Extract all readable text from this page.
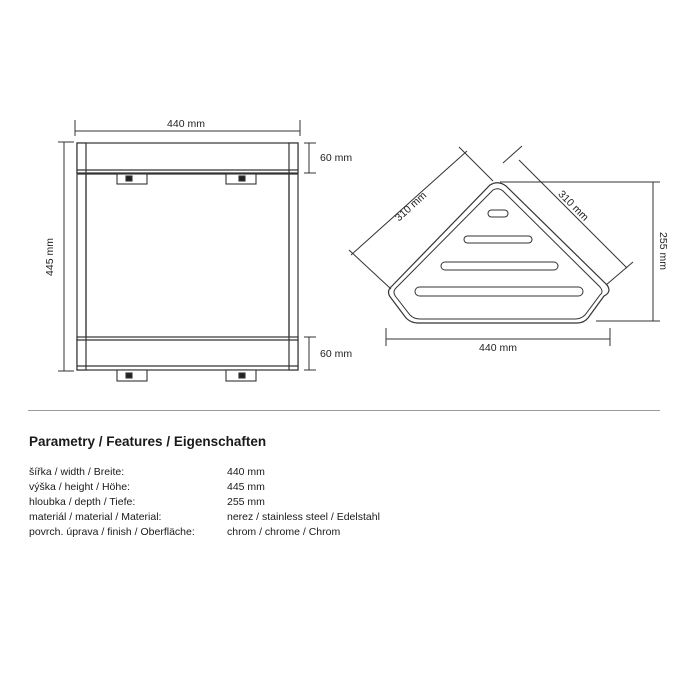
440 mm
445 mm
60 mm
60 mm
310 mm	310 mm
440 mm
255 mm
Parametry / Features / Eigenschaften
šířka / width / Breite:	440 mm
výška / height / Höhe:	445 mm
hloubka / depth / Tiefe:	255 mm
materiál / material / Material:	nerez / stainless steel / Edelstahl
povrch. úprava / finish / Oberfläche:	chrom / chrome / Chrom
